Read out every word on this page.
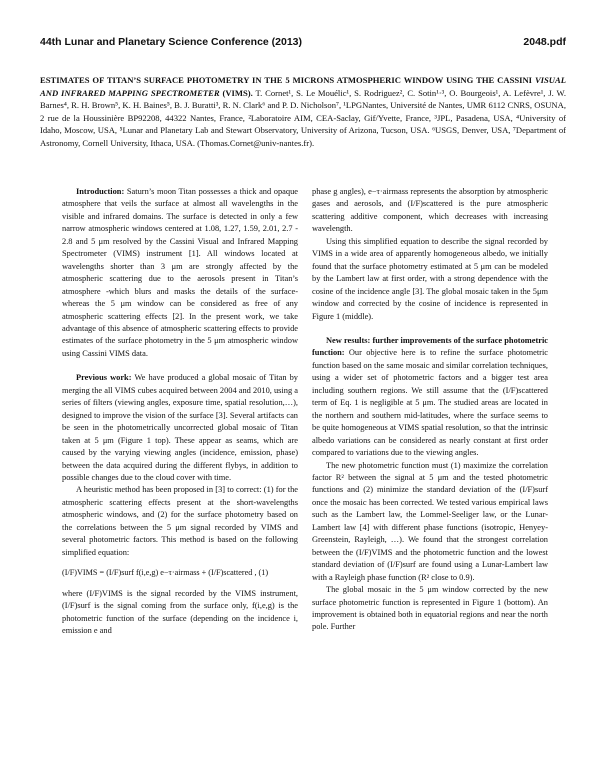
44th Lunar and Planetary Science Conference (2013)	2048.pdf
ESTIMATES OF TITAN’S SURFACE PHOTOMETRY IN THE 5 MICRONS ATMOSPHERIC WINDOW USING THE CASSINI VISUAL AND INFRARED MAPPING SPECTROMETER (VIMS). T. Cornet¹, S. Le Mouélic¹, S. Rodriguez², C. Sotin¹·³, O. Bourgeois¹, A. Lefèvre¹, J. W. Barnes⁴, R. H. Brown⁵, K. H. Baines⁵, B. J. Buratti³, R. N. Clark⁶ and P. D. Nicholson⁷, ¹LPGNantes, Université de Nantes, UMR 6112 CNRS, OSUNA, 2 rue de la Houssinière BP92208, 44322 Nantes, France, ²Laboratoire AIM, CEA-Saclay, Gif/Yvette, France, ³JPL, Pasadena, USA, ⁴University of Idaho, Moscow, USA, ⁵Lunar and Planetary Lab and Stewart Observatory, University of Arizona, Tucson, USA. ⁶USGS, Denver, USA, ⁷Department of Astronomy, Cornell University, Ithaca, USA. (Thomas.Cornet@univ-nantes.fr).

Introduction: Saturn’s moon Titan possesses a thick and opaque atmosphere that veils the surface at almost all wavelengths in the visible and infrared domains. The surface is detected in only a few narrow atmospheric windows centered at 1.08, 1.27, 1.59, 2.01, 2.7 - 2.8 and 5 μm resolved by the Cassini Visual and Infrared Mapping Spectrometer (VIMS) instrument [1]. All windows located at wavelengths shorter than 3 μm are strongly affected by the atmospheric scattering due to the aerosols present in Titan’s atmosphere -which blurs and masks the details of the surface- whereas the 5 μm window can be considered as free of any atmospheric scattering effects [2]. In the present work, we take advantage of this absence of atmospheric scattering effects to provide estimates of the surface photometry in the 5 μm atmospheric window using Cassini VIMS data.

Previous work: We have produced a global mosaic of Titan by merging the all VIMS cubes acquired between 2004 and 2010, using a series of filters (viewing angles, exposure time, spatial resolution,…), designed to improve the vision of the surface [3]. Several artifacts can be seen in the photometrically uncorrected global mosaic of Titan taken at 5 μm (Figure 1 top). These appear as seams, which are caused by the varying viewing angles (incidence, emission, phase) between the data acquired during the different flybys, in addition to possible changes due to the cloud cover with time.

A heuristic method has been proposed in [3] to correct: (1) for the atmospheric scattering effects present at the short-wavelengths atmospheric windows, and (2) for the surface photometry based on the correlations between the 5 μm signal recorded by VIMS and several photometric factors. This method is based on the following simplified equation:

(I/F)VIMS = (I/F)surf f(i,e,g) e−τ·airmass + (I/F)scattered , (1)

where (I/F)VIMS is the signal recorded by the VIMS instrument, (I/F)surf is the signal coming from the surface only, f(i,e,g) is the photometric function of the surface (depending on the incidence i, emission e and

phase g angles), e−τ·airmass represents the absorption by atmospheric gases and aerosols, and (I/F)scattered is the pure atmospheric scattering additive component, which decreases with increasing wavelength.

Using this simplified equation to describe the signal recorded by VIMS in a wide area of apparently homogeneous albedo, we initially found that the surface photometry estimated at 5 μm can be modeled by the Lambert law at first order, with a strong dependence with the cosine of the incidence angle [3]. The global mosaic taken in the 5μm window and corrected by the cosine of incidence is represented in Figure 1 (middle).

New results: further improvements of the surface photometric function: Our objective here is to refine the surface photometric function based on the same mosaic and similar correlation techniques, using a wider set of photometric factors and a bigger test area including southern regions. We still assume that the (I/F)scattered term of Eq. 1 is negligible at 5 μm. The studied areas are located in the northern and southern mid-latitudes, where the surface seems to be quite homogeneous at VIMS spatial resolution, so that the intrinsic albedo variations can be considered as nearly constant at first order compared to variations due to the viewing angles.

The new photometric function must (1) maximize the correlation factor R² between the signal at 5 μm and the tested photometric functions and (2) minimize the standard deviation of the (I/F)surf once the mosaic has been corrected. We tested various empirical laws such as the Lambert law, the Lommel-Seeliger law, or the Lunar-Lambert law [4] with different phase functions (isotropic, Henyey-Greenstein, Rayleigh, …). We found that the strongest correlation between the (I/F)VIMS and the photometric function and the lowest standard deviation of (I/F)surf are found using a Lunar-Lambert law with a Rayleigh phase function (R² close to 0.9).

The global mosaic in the 5 μm window corrected by the new surface photometric function is represented in Figure 1 (bottom). An improvement is obtained both in equatorial regions and near the north pole. Further
